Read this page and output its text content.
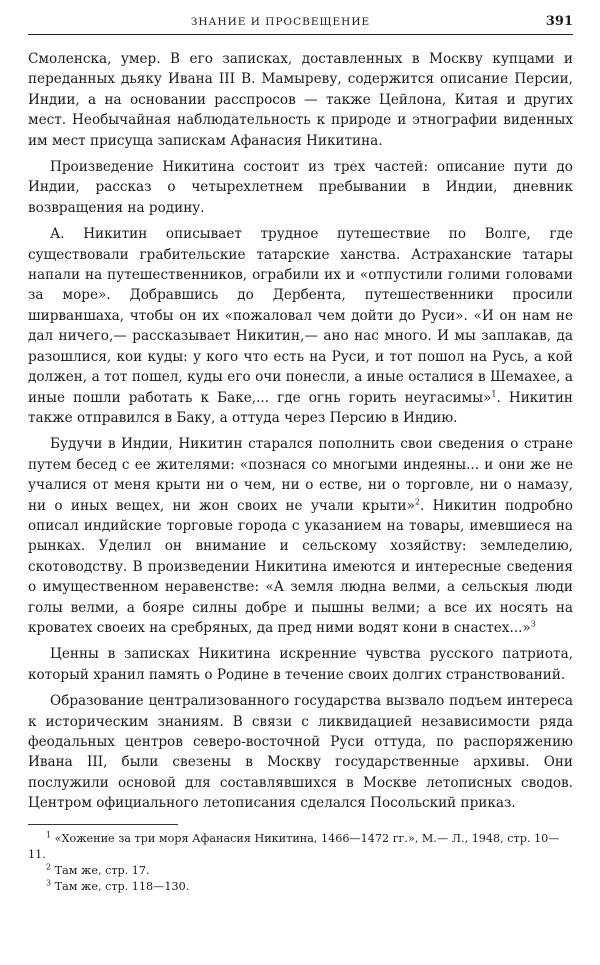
ЗНАНИЕ И ПРОСВЕЩЕНИЕ	391

Смоленска, умер. В его записках, доставленных в Москву купцами и переданных дьяку Ивана III В. Мамыреву, содержится описание Персии, Индии, а на основании расспросов — также Цейлона, Китая и других мест. Необычайная наблюдательность к природе и этнографии виденных им мест присуща запискам Афанасия Никитина.

Произведение Никитина состоит из трех частей: описание пути до Индии, рассказ о четырехлетнем пребывании в Индии, дневник возвращения на родину.

А. Никитин описывает трудное путешествие по Волге, где существовали грабительские татарские ханства. Астраханские татары напали на путешественников, ограбили их и «отпустили голими головами за море». Добравшись до Дербента, путешественники просили ширваншаха, чтобы он их «пожаловал чем дойти до Руси». «И он нам не дал ничего,— рассказывает Никитин,— ано нас много. И мы заплакав, да разошлися, кои куды: у кого что есть на Руси, и тот пошол на Русь, а кой должен, а тот пошел, куды его очи понесли, а иные осталися в Шемахее, а иные пошли работать к Баке,... где огнь горить неугасимы»$^1$. Никитин также отправился в Баку, а оттуда через Персию в Индию.

Будучи в Индии, Никитин старался пополнить свои сведения о стране путем бесед с ее жителями: «познася со многыми индеяны... и они же не учалися от меня крыти ни о чем, ни о естве, ни о торговле, ни о намазу, ни о иных вещех, ни жон своих не учали крыти»$^2$. Никитин подробно описал индийские торговые города с указанием на товары, имевшиеся на рынках. Уделил он внимание и сельскому хозяйству: земледелию, скотоводству. В произведении Никитина имеются и интересные сведения о имущественном неравенстве: «А земля людна велми, а сельскыя люди голы велми, а бояре силны добре и пышны велми; а все их носять на кроватех своеих на сребряных, да пред ними водят кони в снастех...»$^3$

Ценны в записках Никитина искренние чувства русского патриота, который хранил память о Родине в течение своих долгих странствований.

Образование централизованного государства вызвало подъем интереса к историческим знаниям. В связи с ликвидацией независимости ряда феодальных центров северо-восточной Руси оттуда, по распоряжению Ивана III, были свезены в Москву государственные архивы. Они послужили основой для составлявшихся в Москве летописных сводов. Центром официального летописания сделался Посольский приказ.

$^1$ «Хожение за три моря Афанасия Никитина, 1466—1472 гг.», М.— Л., 1948, стр. 10—11.

$^2$ Там же, стр. 17.

$^3$ Там же, стр. 118—130.
